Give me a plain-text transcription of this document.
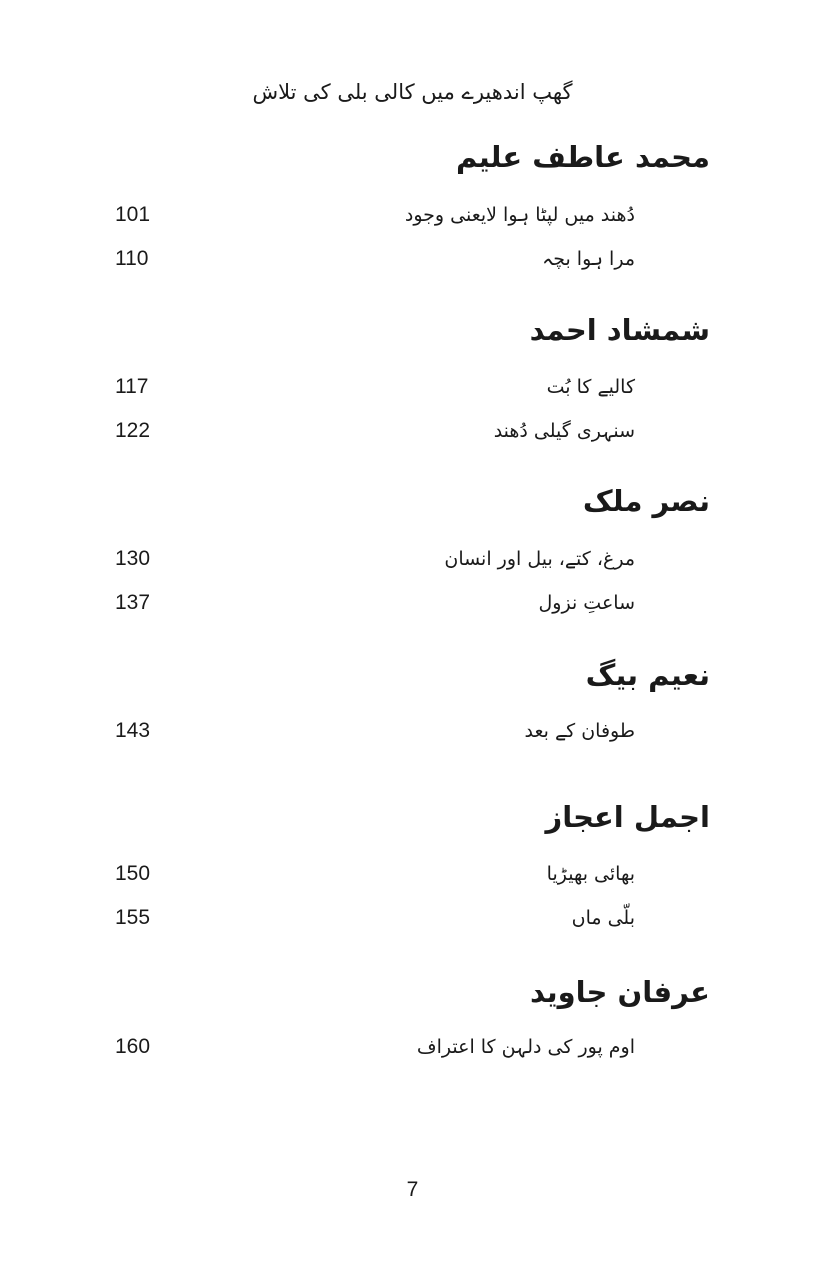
گھپ اندھیرے میں کالی بلی کی تلاش
محمد عاطف علیم
دُھند میں لپٹا ہوا لایعنی وجود
101
مرا ہوا بچہ
110
شمشاد احمد
کالیے کا بُت
117
سنہری گیلی دُھند
122
نصر ملک
مرغ، کتے، بیل اور انسان
130
ساعتِ نزول
137
نعیم بیگ
طوفان کے بعد
143
اجمل اعجاز
بھائی بھیڑیا
150
بلّی ماں
155
عرفان جاوید
اوم پور کی دلہن کا اعتراف
160
7
